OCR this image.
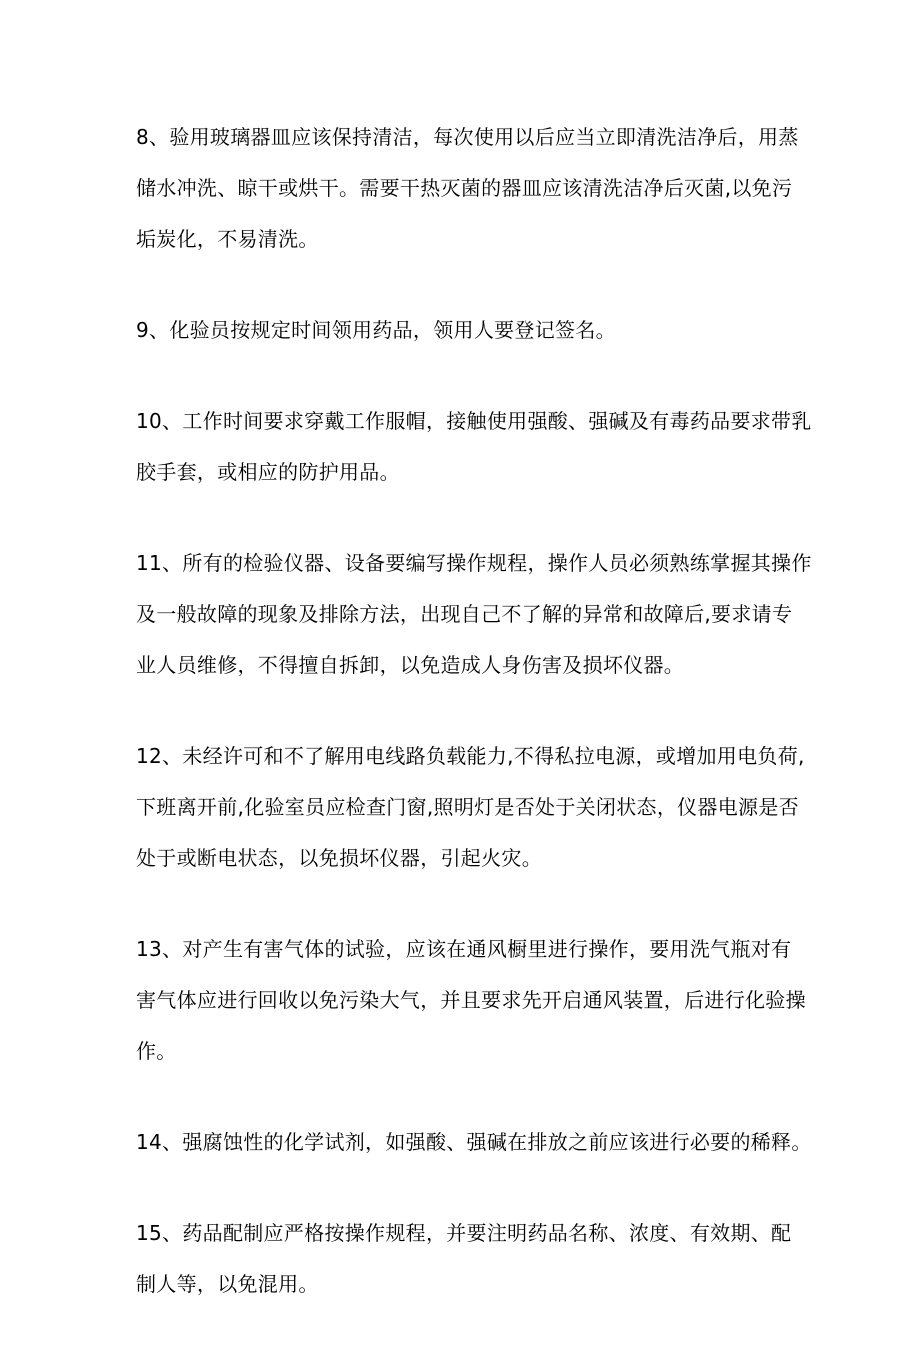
8、验用玻璃器皿应该保持清洁，每次使用以后应当立即清洗洁净后，用蒸
储水冲洗、晾干或烘干。需要干热灭菌的器皿应该清洗洁净后灭菌,以免污
垢炭化，不易清洗。

9、化验员按规定时间领用药品，领用人要登记签名。

10、工作时间要求穿戴工作服帽，接触使用强酸、强碱及有毒药品要求带乳
胶手套，或相应的防护用品。

11、所有的检验仪器、设备要编写操作规程，操作人员必须熟练掌握其操作
及一般故障的现象及排除方法，出现自己不了解的异常和故障后,要求请专
业人员维修，不得擅自拆卸，以免造成人身伤害及损坏仪器。

12、未经许可和不了解用电线路负载能力,不得私拉电源，或增加用电负荷,
下班离开前,化验室员应检查门窗,照明灯是否处于关闭状态，仪器电源是否
处于或断电状态，以免损坏仪器，引起火灾。

13、对产生有害气体的试验，应该在通风橱里进行操作，要用洗气瓶对有
害气体应进行回收以免污染大气，并且要求先开启通风装置，后进行化验操
作。

14、强腐蚀性的化学试剂，如强酸、强碱在排放之前应该进行必要的稀释。

15、药品配制应严格按操作规程，并要注明药品名称、浓度、有效期、配
制人等，以免混用。
